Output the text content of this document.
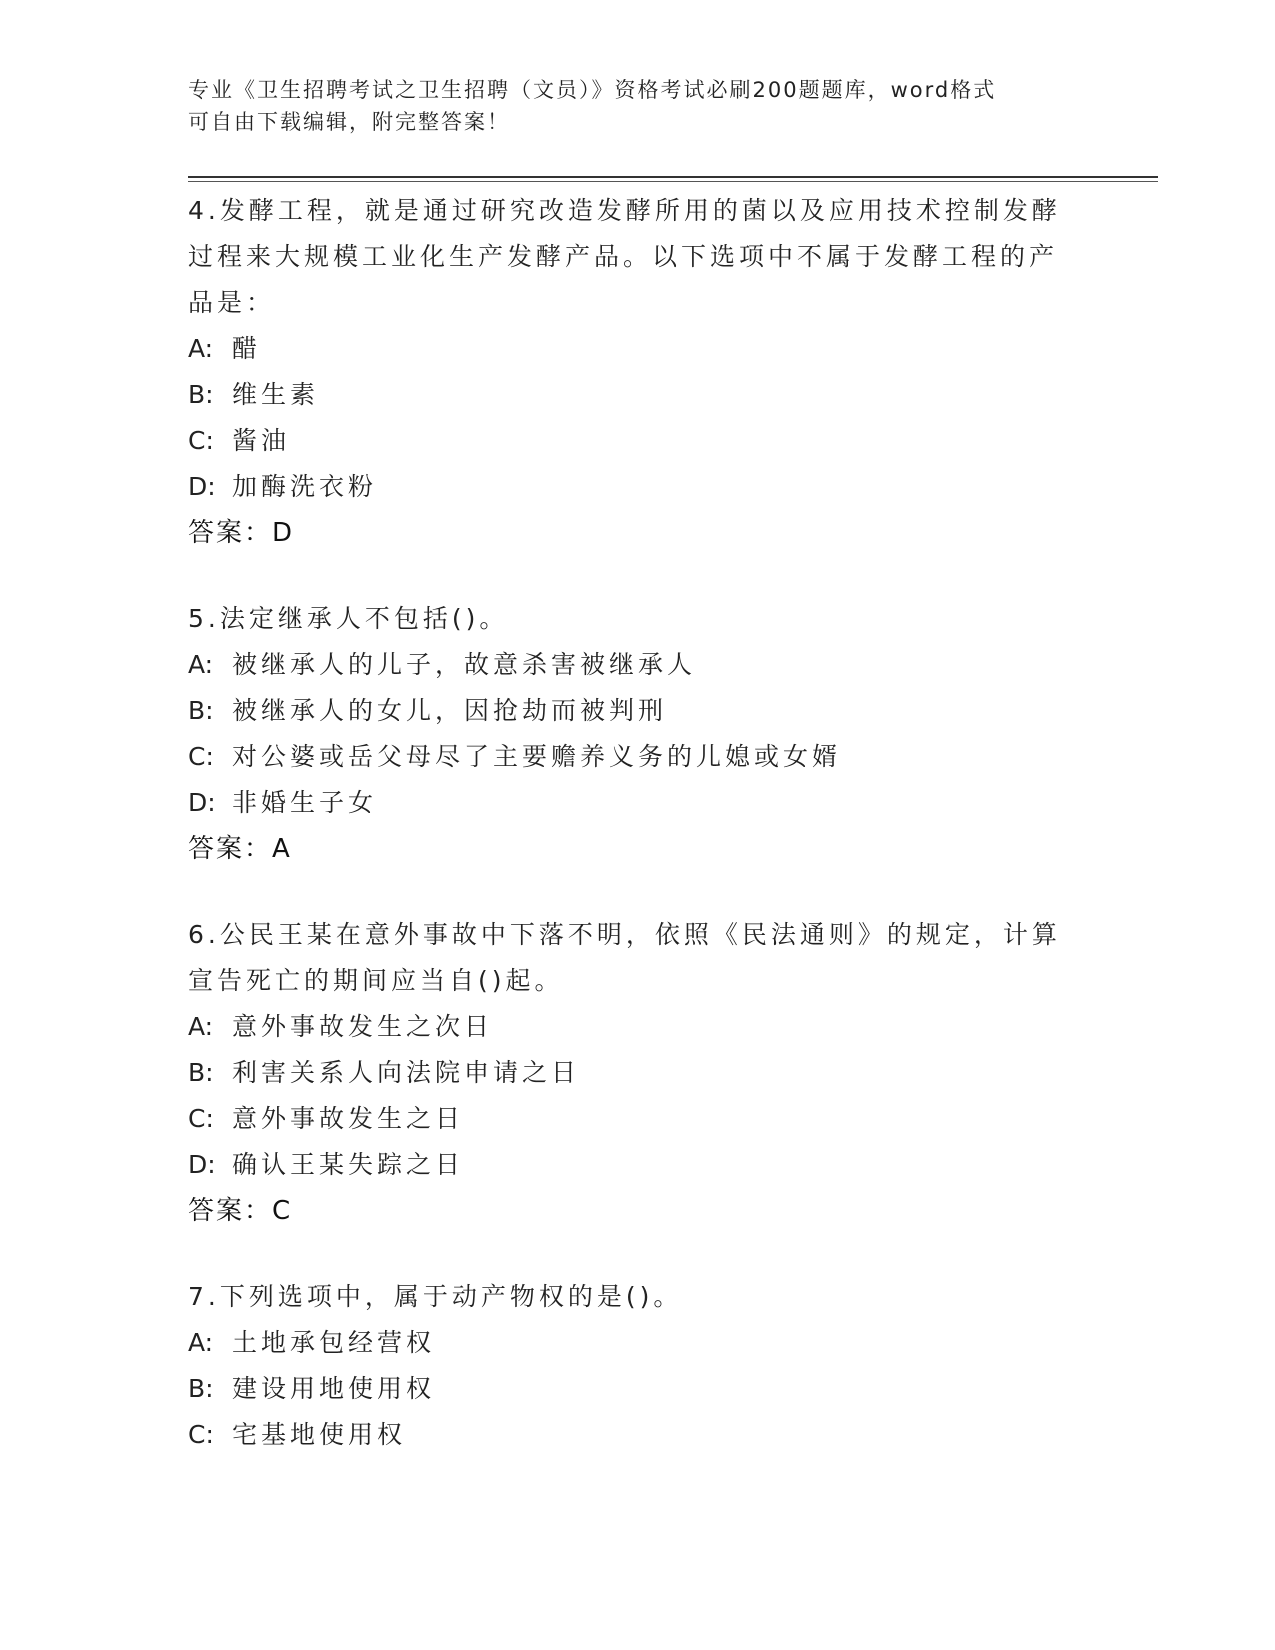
专业《卫生招聘考试之卫生招聘（文员）》资格考试必刷200题题库，word格式
可自由下载编辑，附完整答案！
4.发酵工程，就是通过研究改造发酵所用的菌以及应用技术控制发酵过程来大规模工业化生产发酵产品。以下选项中不属于发酵工程的产品是：
A: 醋
B: 维生素
C: 酱油
D: 加酶洗衣粉
答案：D
5.法定继承人不包括()。
A: 被继承人的儿子，故意杀害被继承人
B: 被继承人的女儿，因抢劫而被判刑
C: 对公婆或岳父母尽了主要赡养义务的儿媳或女婿
D: 非婚生子女
答案：A
6.公民王某在意外事故中下落不明，依照《民法通则》的规定，计算宣告死亡的期间应当自()起。
A: 意外事故发生之次日
B: 利害关系人向法院申请之日
C: 意外事故发生之日
D: 确认王某失踪之日
答案：C
7.下列选项中，属于动产物权的是()。
A: 土地承包经营权
B: 建设用地使用权
C: 宅基地使用权
